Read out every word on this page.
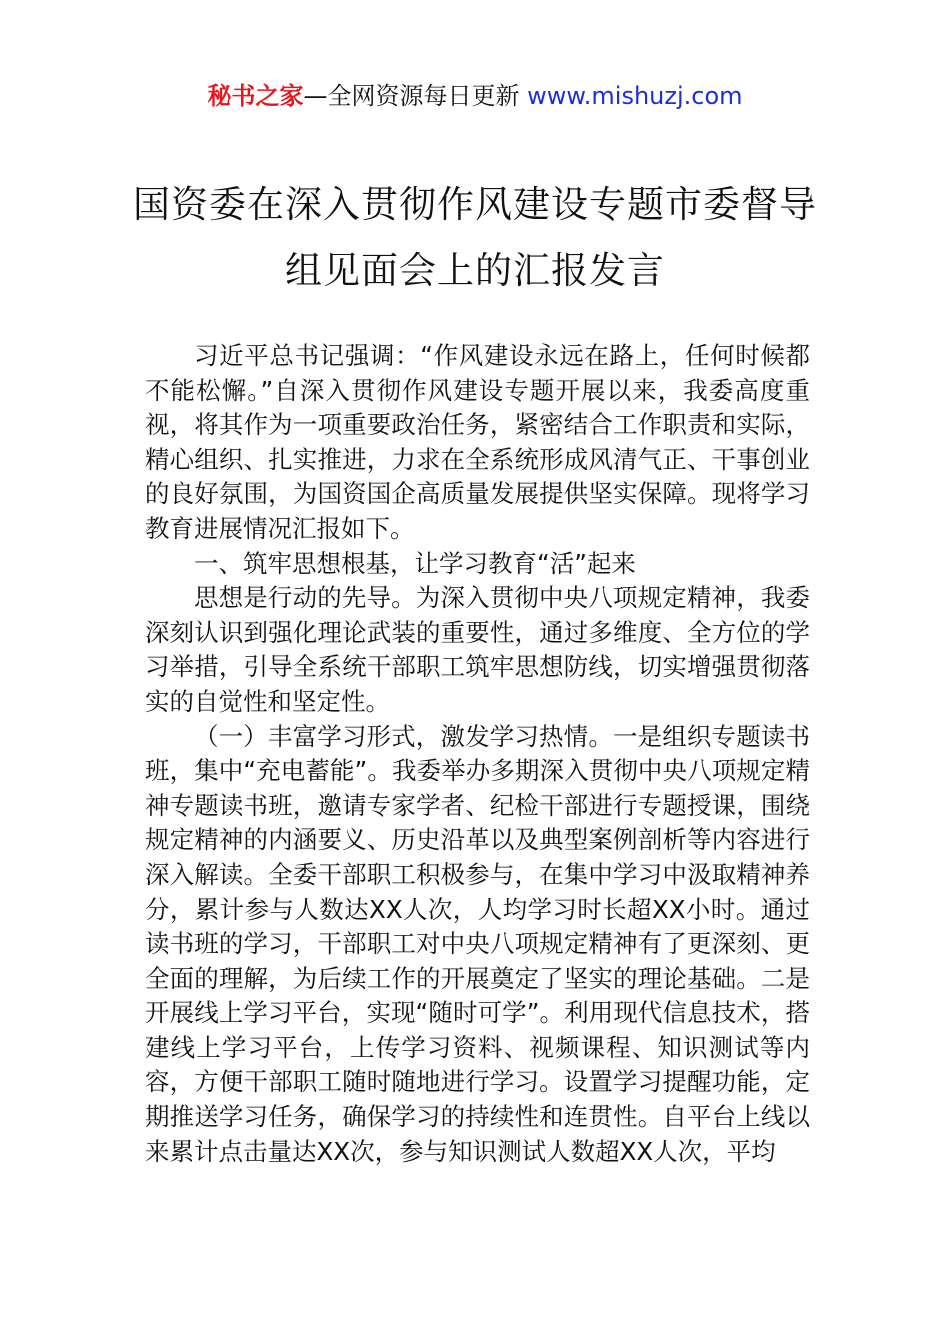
秘书之家—全网资源每日更新 www.mishuzj.com
国资委在深入贯彻作风建设专题市委督导
组见面会上的汇报发言

习近平总书记强调：“作风建设永远在路上，任何时候都不能松懈。”自深入贯彻作风建设专题开展以来，我委高度重视，将其作为一项重要政治任务，紧密结合工作职责和实际，精心组织、扎实推进，力求在全系统形成风清气正、干事创业的良好氛围，为国资国企高质量发展提供坚实保障。现将学习教育进展情况汇报如下。

一、筑牢思想根基，让学习教育“活”起来

思想是行动的先导。为深入贯彻中央八项规定精神，我委深刻认识到强化理论武装的重要性，通过多维度、全方位的学习举措，引导全系统干部职工筑牢思想防线，切实增强贯彻落实的自觉性和坚定性。

（一）丰富学习形式，激发学习热情。一是组织专题读书班，集中“充电蓄能”。我委举办多期深入贯彻中央八项规定精神专题读书班，邀请专家学者、纪检干部进行专题授课，围绕规定精神的内涵要义、历史沿革以及典型案例剖析等内容进行深入解读。全委干部职工积极参与，在集中学习中汲取精神养分，累计参与人数达XX人次，人均学习时长超XX小时。通过读书班的学习，干部职工对中央八项规定精神有了更深刻、更全面的理解，为后续工作的开展奠定了坚实的理论基础。二是开展线上学习平台，实现“随时可学”。利用现代信息技术，搭建线上学习平台，上传学习资料、视频课程、知识测试等内容，方便干部职工随时随地进行学习。设置学习提醒功能，定期推送学习任务，确保学习的持续性和连贯性。自平台上线以来累计点击量达XX次，参与知识测试人数超XX人次，平均
